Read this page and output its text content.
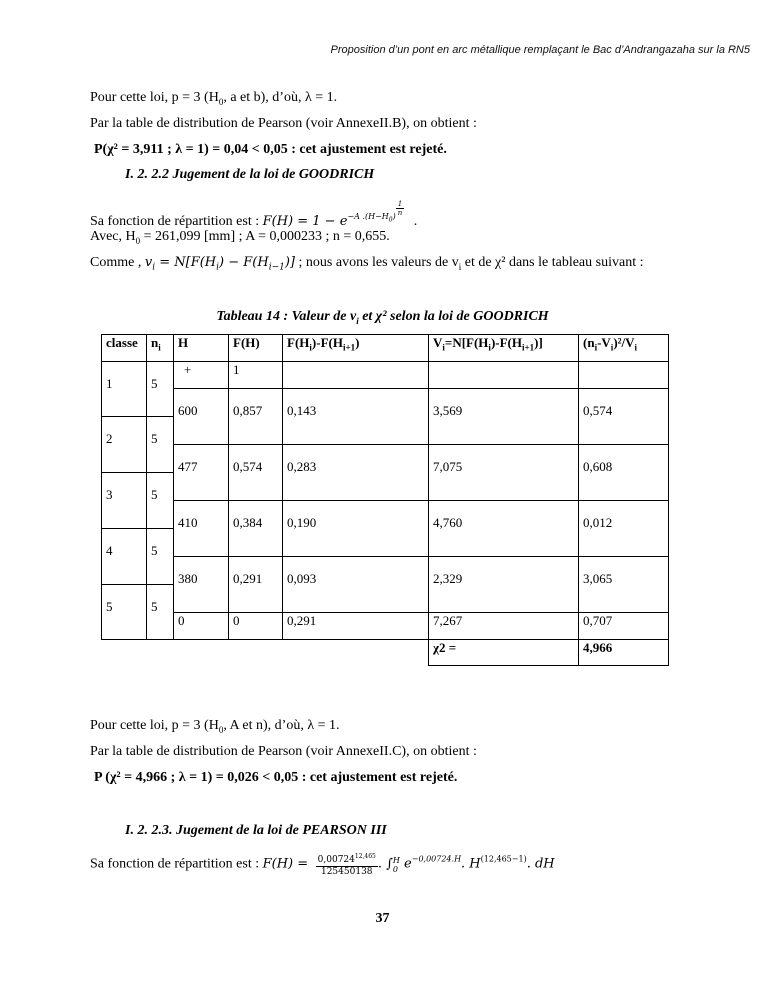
Proposition d’un pont en arc métallique remplaçant le Bac d’Andrangazaha sur la RN5
Pour cette loi, p = 3 ($H_0$, a et b), d’où, λ = 1.
Par la table de distribution de Pearson (voir AnnexeII.B), on obtient :
P(χ² = 3,911 ; λ = 1) = 0,04 < 0,05 : cet ajustement est rejeté.
I. 2. 2.2 Jugement de la loi de GOODRICH
Sa fonction de répartition est : $F(H) = 1 - e^{-A .(H-H_0) \frac{1}{n}}$
.
Avec, $H_0 = 261,099$ [mm] ; A = 0,000233 ; n = 0,655.
Comme , $v_i = N[F(H_i) - F(H_{i-1})]$ ; nous avons les valeurs de $v_i$ et de χ² dans le tableau suivant :
Tableau 14 : Valeur de $v_i$ et χ² selon la loi de GOODRICH
classe	$n_i$	H	F(H)	$F(H_i)-F(H_{i+1})$	$V_i=N[F(H_i)-F(H_{i+1})]$	$(n_i-V_i)^2/V_i$
1	5	+	1			
		600	0,857	0,143	3,569	0,574
2	5					
		477	0,574	0,283	7,075	0,608
3	5					
		410	0,384	0,190	4,760	0,012
4	5					
		380	0,291	0,093	2,329	3,065
5	5					
		0	0	0,291	7,267	0,707
					χ2 =	4,966
Pour cette loi, p = 3 ($H_0$, A et n), d’où, λ = 1.
Par la table de distribution de Pearson (voir AnnexeII.C), on obtient :
P (χ² = 4,966 ; λ = 1) = 0,026 < 0,05 : cet ajustement est rejeté.
I. 2. 2.3. Jugement de la loi de PEARSON III
Sa fonction de répartition est : $F(H) = \frac{0,00724^{12,465}}{125450138}$ . ∫ H
0 $e^{-0,00724.H}$. $H^{(12,465-1)}$. dH
37
